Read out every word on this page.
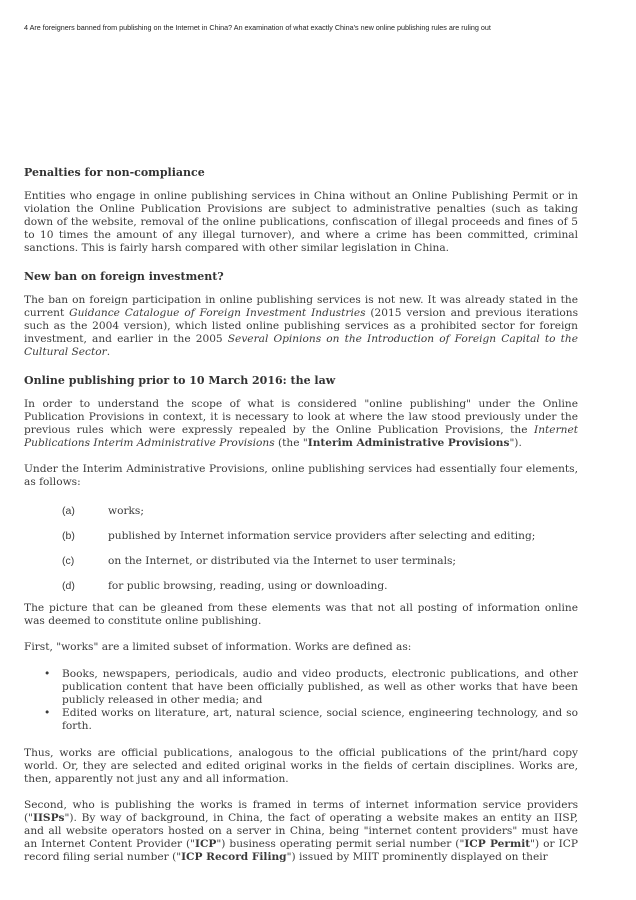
4 Are foreigners banned from publishing on the Internet in China? An examination of what exactly China's new online publishing rules are ruling out
Penalties for non-compliance

Entities who engage in online publishing services in China without an Online Publishing Permit or in violation the Online Publication Provisions are subject to administrative penalties (such as taking down of the website, removal of the online publications, confiscation of illegal proceeds and fines of 5 to 10 times the amount of any illegal turnover), and where a crime has been committed, criminal sanctions. This is fairly harsh compared with other similar legislation in China.

New ban on foreign investment?

The ban on foreign participation in online publishing services is not new. It was already stated in the current Guidance Catalogue of Foreign Investment Industries (2015 version and previous iterations such as the 2004 version), which listed online publishing services as a prohibited sector for foreign investment, and earlier in the 2005 Several Opinions on the Introduction of Foreign Capital to the Cultural Sector.

Online publishing prior to 10 March 2016: the law

In order to understand the scope of what is considered "online publishing" under the Online Publication Provisions in context, it is necessary to look at where the law stood previously under the previous rules which were expressly repealed by the Online Publication Provisions, the Internet Publications Interim Administrative Provisions (the "Interim Administrative Provisions").

Under the Interim Administrative Provisions, online publishing services had essentially four elements, as follows:

(a)	works;
(b)	published by Internet information service providers after selecting and editing;
(c)	on the Internet, or distributed via the Internet to user terminals;
(d)	for public browsing, reading, using or downloading.

The picture that can be gleaned from these elements was that not all posting of information online was deemed to constitute online publishing.

First, "works" are a limited subset of information. Works are defined as:

• Books, newspapers, periodicals, audio and video products, electronic publications, and other publication content that have been officially published, as well as other works that have been publicly released in other media; and
• Edited works on literature, art, natural science, social science, engineering technology, and so forth.

Thus, works are official publications, analogous to the official publications of the print/hard copy world. Or, they are selected and edited original works in the fields of certain disciplines. Works are, then, apparently not just any and all information.

Second, who is publishing the works is framed in terms of internet information service providers ("IISPs"). By way of background, in China, the fact of operating a website makes an entity an IISP, and all website operators hosted on a server in China, being "internet content providers" must have an Internet Content Provider ("ICP") business operating permit serial number ("ICP Permit") or ICP record filing serial number ("ICP Record Filing") issued by MIIT prominently displayed on their
